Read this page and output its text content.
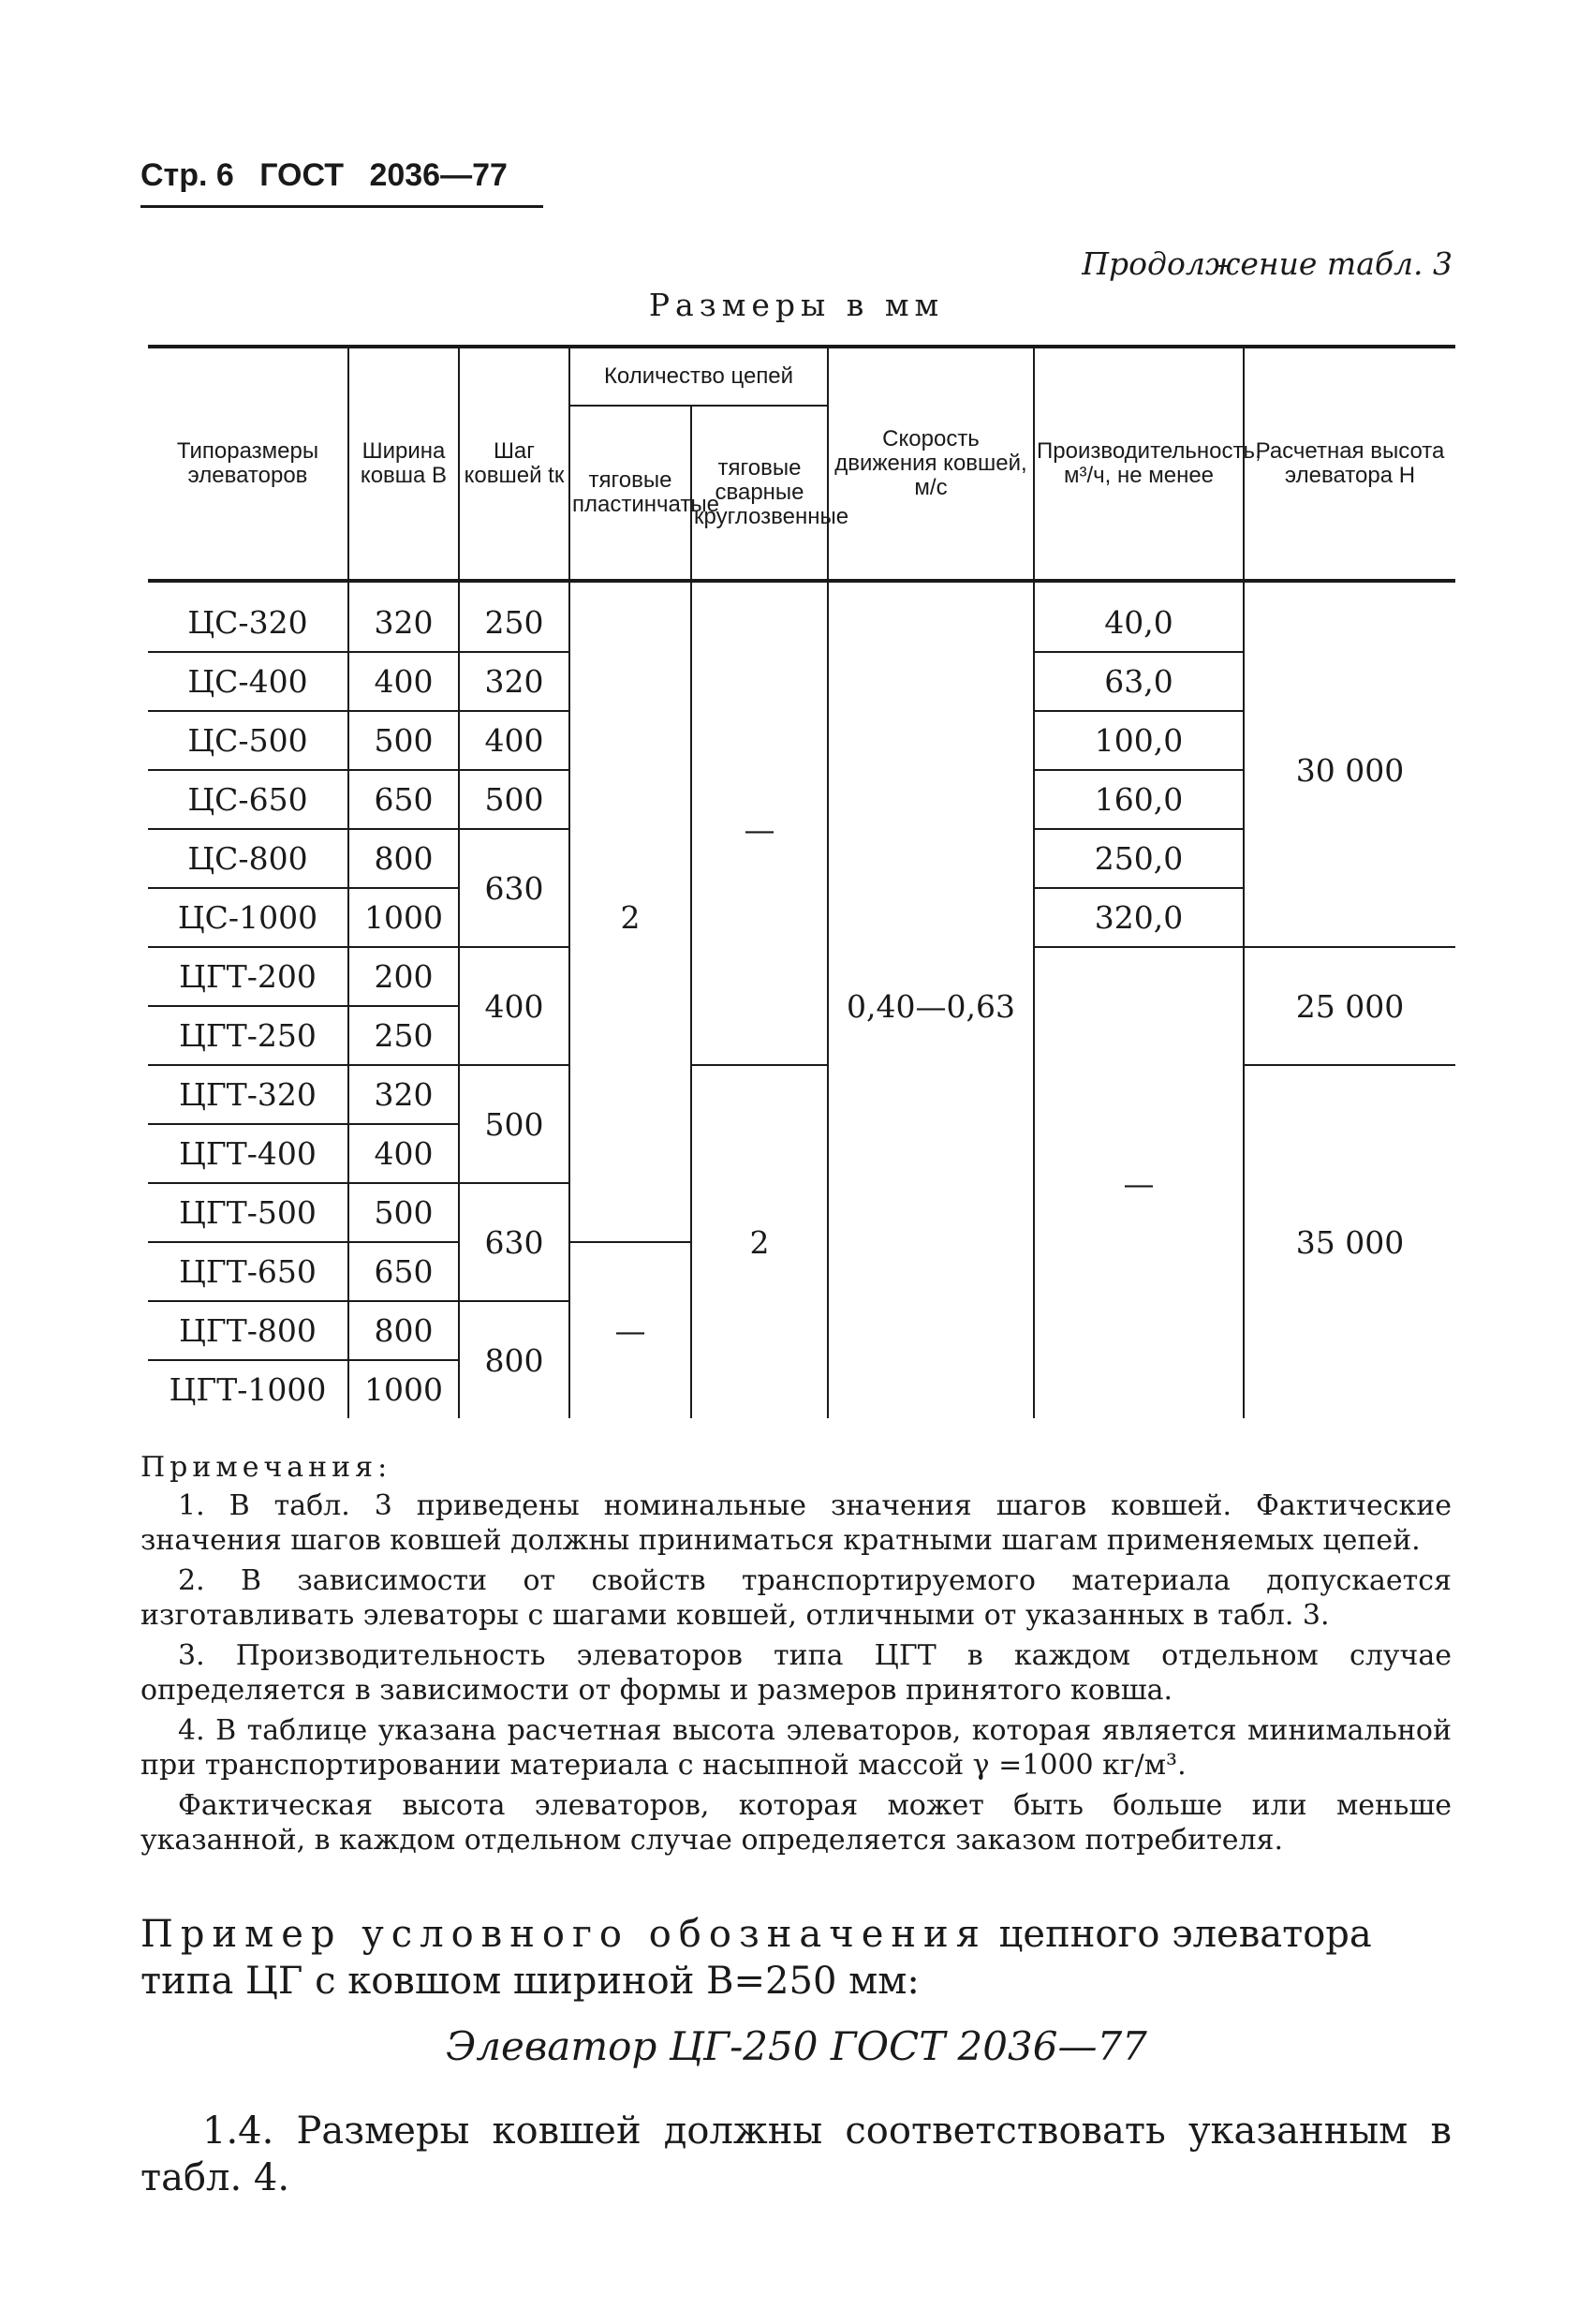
Стр. 6 ГОСТ 2036—77
Продолжение табл. 3
Размеры в мм
Типоразмеры элеваторов	Ширина ковша B	Шаг ковшей tк	Количество цепей		Скорость движения ковшей, м/с	Производительность, м³/ч, не менее	Расчетная высота элеватора H
			тяговые пластинчатые	тяговые сварные круглозвенные			
ЦС-320	320	250	2	—	0,40—0,63	40,0	30 000
ЦС-400	400	320				63,0	
ЦС-500	500	400				100,0	
ЦС-650	650	500				160,0	
ЦС-800	800	630				250,0	
ЦС-1000	1000					320,0	
ЦГТ-200	200	400				—	25 000
ЦГТ-250	250						
ЦГТ-320	320	500		2			35 000
ЦГТ-400	400						
ЦГТ-500	500	630					
ЦГТ-650	650		—				
ЦГТ-800	800	800					
ЦГТ-1000	1000						
Примечания:

1. В табл. 3 приведены номинальные значения шагов ковшей. Фактические значения шагов ковшей должны приниматься кратными шагам применяемых цепей.

2. В зависимости от свойств транспортируемого материала допускается изготавливать элеваторы с шагами ковшей, отличными от указанных в табл. 3.

3. Производительность элеваторов типа ЦГТ в каждом отдельном случае определяется в зависимости от формы и размеров принятого ковша.

4. В таблице указана расчетная высота элеваторов, которая является минимальной при транспортировании материала с насыпной массой γ =1000 кг/м³.

Фактическая высота элеваторов, которая может быть больше или меньше указанной, в каждом отдельном случае определяется заказом потребителя.

Пример условного обозначения цепного элеватора типа ЦГ с ковшом шириной B=250 мм:
Элеватор ЦГ-250 ГОСТ 2036—77
1.4. Размеры ковшей должны соответствовать указанным в табл. 4.
